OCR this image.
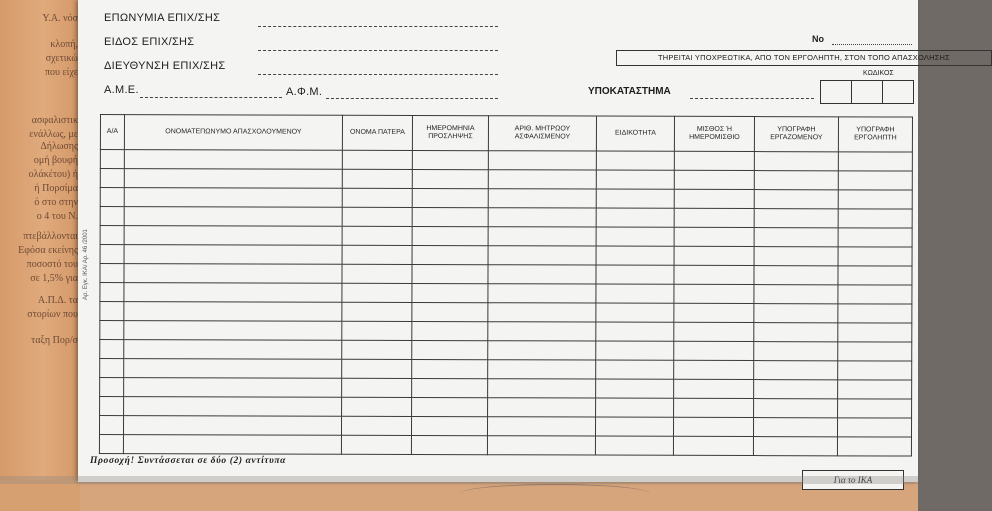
Υ.Α. νόσ
κλοπή,
σχετικώ
που είχε
ασφαλιστικ
ενάλλως, με
Δήλωσης
ομή βουφή
ολάκέτου) ή
ή Πορσίμα
ό στο στην
ο 4 του Ν.
πτεβάλλονται
Εφόσα εκείνης
ποσοστό του
σε 1,5% για
Α.Π.Δ. τα
στορίων που
ταξη Πορ/σ
ΕΠΩΝΥΜΙΑ ΕΠΙΧ/ΣΗΣ
ΕΙΔΟΣ ΕΠΙΧ/ΣΗΣ
ΔΙΕΥΘΥΝΣΗ ΕΠΙΧ/ΣΗΣ
Α.Μ.Ε.	Α.Φ.Μ.
No
ΤΗΡΕΙΤΑΙ ΥΠΟΧΡΕΩΤΙΚΑ, ΑΠΟ ΤΟΝ ΕΡΓΟΛΗΠΤΗ, ΣΤΟΝ ΤΟΠΟ ΑΠΑΣΧΟΛΗΣΗΣ
ΚΩΔΙΚΟΣ
ΥΠΟΚΑΤΑΣΤΗΜΑ
Α/Α	ΟΝΟΜΑΤΕΠΩΝΥΜΟ ΑΠΑΣΧΟΛΟΥΜΕΝΟΥ	ΟΝΟΜΑ ΠΑΤΕΡΑ	ΗΜΕΡΟΜΗΝΙΑ ΠΡΟΣΛΗΨΗΣ	ΑΡΙΘ. ΜΗΤΡΩΟΥ ΑΣΦΑΛΙΣΜΕΝΟΥ	ΕΙΔΙΚΟΤΗΤΑ	ΜΙΣΘΟΣ Ή ΗΜΕΡΟΜΙΣΘΙΟ	ΥΠΟΓΡΑΦΗ ΕΡΓΑΖΟΜΕΝΟΥ	ΥΠΟΓΡΑΦΗ ΕΡΓΟΛΗΠΤΗ

Αρ. Εγκ. ΙΚΑ/ Αρ. 46 /2001
Προσοχή! Συντάσσεται σε δύο (2) αντίτυπα
Για το ΙΚΑ
